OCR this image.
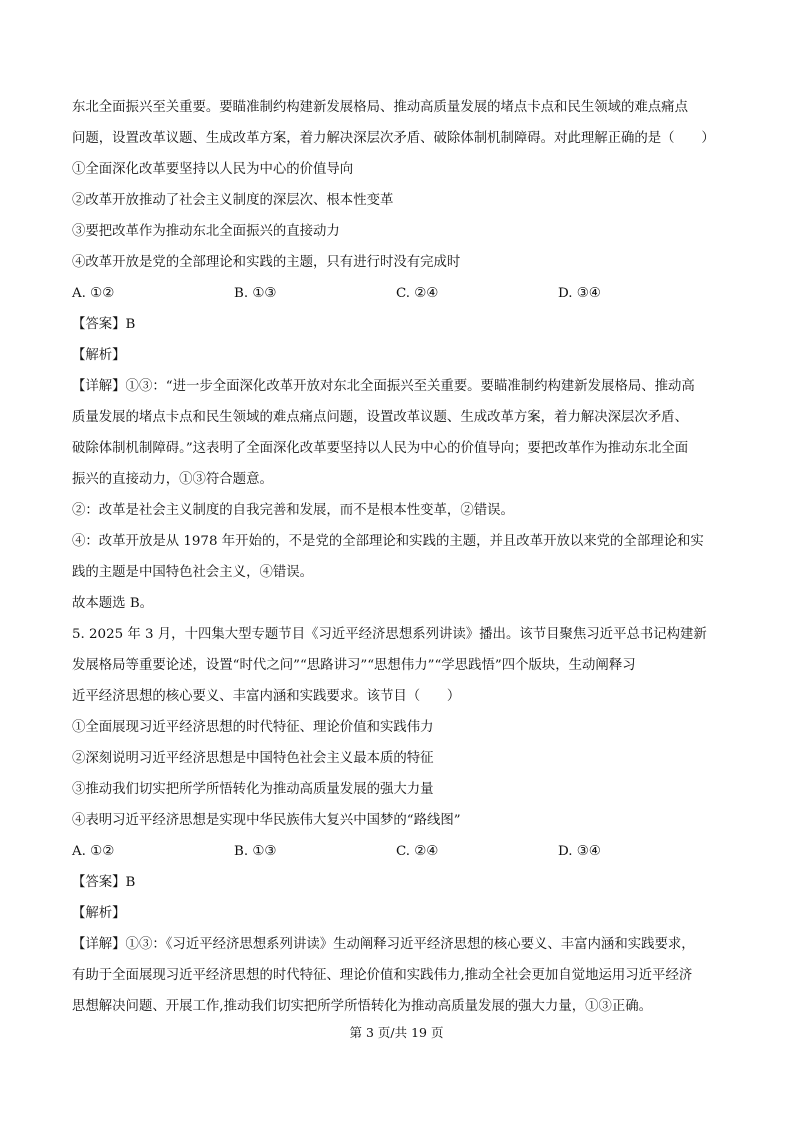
东北全面振兴至关重要。要瞄准制约构建新发展格局、推动高质量发展的堵点卡点和民生领域的难点痛点
问题，设置改革议题、生成改革方案，着力解决深层次矛盾、破除体制机制障碍。对此理解正确的是（　　）
①全面深化改革要坚持以人民为中心的价值导向
②改革开放推动了社会主义制度的深层次、根本性变革
③要把改革作为推动东北全面振兴的直接动力
④改革开放是党的全部理论和实践的主题，只有进行时没有完成时
A. ①②	B. ①③	C. ②④	D. ③④
【答案】B
【解析】
【详解】①③：“进一步全面深化改革开放对东北全面振兴至关重要。要瞄准制约构建新发展格局、推动高
质量发展的堵点卡点和民生领域的难点痛点问题，设置改革议题、生成改革方案，着力解决深层次矛盾、
破除体制机制障碍。”这表明了全面深化改革要坚持以人民为中心的价值导向；要把改革作为推动东北全面
振兴的直接动力，①③符合题意。
②：改革是社会主义制度的自我完善和发展，而不是根本性变革，②错误。
④：改革开放是从 1978 年开始的，不是党的全部理论和实践的主题，并且改革开放以来党的全部理论和实
践的主题是中国特色社会主义，④错误。
故本题选 B。
5. 2025 年 3 月，十四集大型专题节目《习近平经济思想系列讲读》播出。该节目聚焦习近平总书记构建新
发展格局等重要论述，设置“时代之问”“思路讲习”“思想伟力”“学思践悟”四个版块，生动阐释习
近平经济思想的核心要义、丰富内涵和实践要求。该节目（　　）
①全面展现习近平经济思想的时代特征、理论价值和实践伟力
②深刻说明习近平经济思想是中国特色社会主义最本质的特征
③推动我们切实把所学所悟转化为推动高质量发展的强大力量
④表明习近平经济思想是实现中华民族伟大复兴中国梦的“路线图”
A. ①②	B. ①③	C. ②④	D. ③④
【答案】B
【解析】
【详解】①③：《习近平经济思想系列讲读》生动阐释习近平经济思想的核心要义、丰富内涵和实践要求，
有助于全面展现习近平经济思想的时代特征、理论价值和实践伟力,推动全社会更加自觉地运用习近平经济
思想解决问题、开展工作,推动我们切实把所学所悟转化为推动高质量发展的强大力量，①③正确。
第 3 页/共 19 页
